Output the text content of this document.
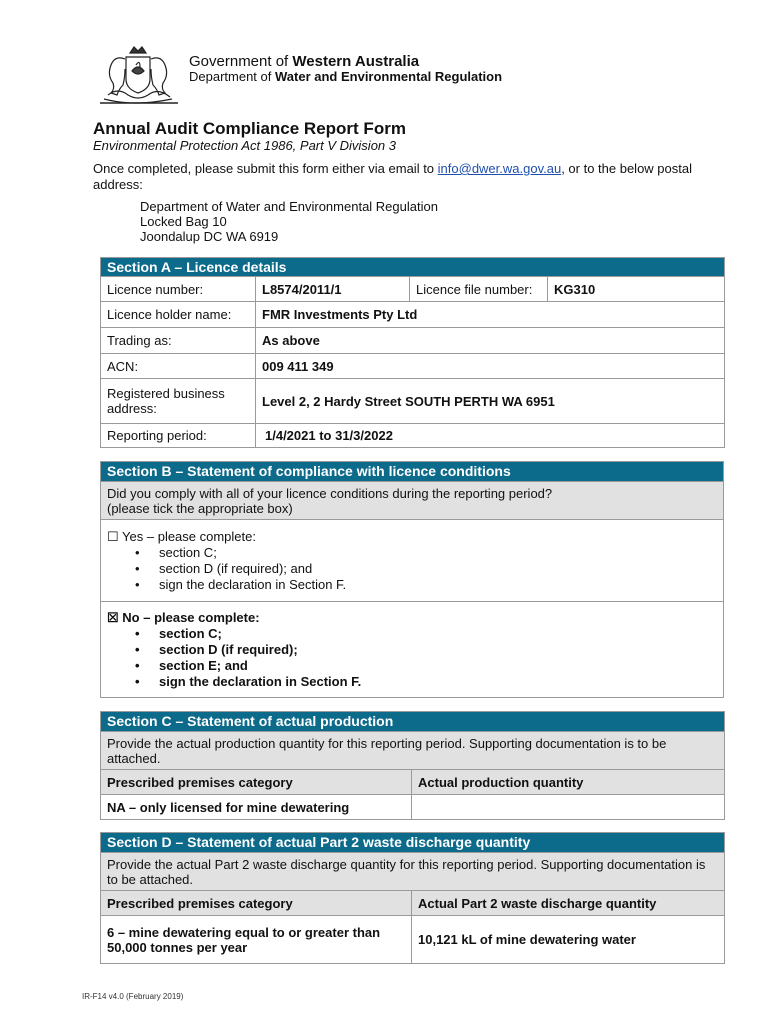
Government of Western Australia
Department of Water and Environmental Regulation
Annual Audit Compliance Report Form
Environmental Protection Act 1986, Part V Division 3
Once completed, please submit this form either via email to info@dwer.wa.gov.au, or to the below postal address:
Department of Water and Environmental Regulation
Locked Bag 10
Joondalup DC WA 6919
Section A – Licence details			
Licence number:	L8574/2011/1	Licence file number:	KG310
Licence holder name:	FMR Investments Pty Ltd		
Trading as:	As above		
ACN:	009 411 349		

Registered business
address:	Level 2, 2 Hardy Street SOUTH PERTH WA 6951		
Reporting period:	1/4/2021 to 31/3/2022		
Section B – Statement of compliance with licence conditions

Did you comply with all of your licence conditions during the reporting period?
(please tick the appropriate box)

☐ Yes – please complete:
• section C;
• section D (if required); and
• sign the declaration in Section F.

☒ No – please complete:
• section C;
• section D (if required);
• section E; and
• sign the declaration in Section F.
Section C – Statement of actual production	
Provide the actual production quantity for this reporting period. Supporting documentation is to be attached.	
Prescribed premises category	Actual production quantity
NA – only licensed for mine dewatering	
Section D – Statement of actual Part 2 waste discharge quantity	
Provide the actual Part 2 waste discharge quantity for this reporting period. Supporting documentation is to be attached.	
Prescribed premises category	Actual Part 2 waste discharge quantity
6 – mine dewatering equal to or greater than 50,000 tonnes per year	10,121 kL of mine dewatering water
IR-F14 v4.0 (February 2019)
